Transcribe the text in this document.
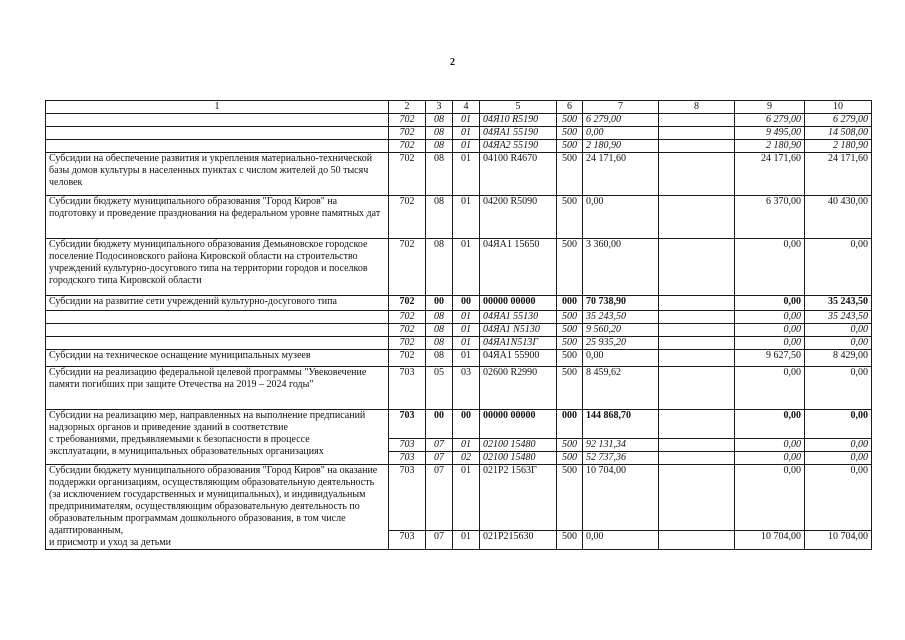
2
1	2	3	4	5	6	7	8	9	10
	702	08	01	04Я10 R5190	500	6 279,00		6 279,00	6 279,00
	702	08	01	04ЯА1 55190	500	0,00		9 495,00	14 508,00
	702	08	01	04ЯА2 55190	500	2 180,90		2 180,90	2 180,90
Субсидии на обеспечение развития и укрепления материально-технической базы домов культуры в населенных пунктах с числом жителей до 50 тысяч человек	702	08	01	04100 R4670	500	24 171,60		24 171,60	24 171,60
Субсидии бюджету муниципального образования "Город Киров" на подготовку и проведение празднования на федеральном уровне памятных дат	702	08	01	04200 R5090	500	0,00		6 370,00	40 430,00
Субсидии бюджету муниципального образования Демьяновское городское поселение Подосиновского района Кировской области на строительство учреждений культурно-досугового типа на территории городов и поселков городского типа Кировской области	702	08	01	04ЯА1 15650	500	3 360,00		0,00	0,00
Субсидии на развитие сети учреждений культурно-досугового типа	702	00	00	00000 00000	000	70 738,90		0,00	35 243,50
	702	08	01	04ЯА1 55130	500	35 243,50		0,00	35 243,50
	702	08	01	04ЯА1 N5130	500	9 560,20		0,00	0,00
	702	08	01	04ЯА1N513Г	500	25 935,20		0,00	0,00
Субсидии на техническое оснащение муниципальных музеев	702	08	01	04ЯА1 55900	500	0,00		9 627,50	8 429,00
Субсидии на реализацию федеральной целевой программы "Увековечение памяти погибших при защите Отечества на 2019 – 2024 годы"	703	05	03	02600 R2990	500	8 459,62		0,00	0,00

Субсидии на реализацию мер, направленных на выполнение предписаний надзорных органов и приведение зданий в соответствие
с требованиями, предъявляемыми к безопасности в процессе
эксплуатации, в муниципальных образовательных организациях	703	00	00	00000 00000	000	144 868,70		0,00	0,00
	703	07	01	02100 15480	500	92 131,34		0,00	0,00
	703	07	02	02100 15480	500	52 737,36		0,00	0,00

Субсидии бюджету муниципального образования "Город Киров" на оказание поддержки организациям, осуществляющим образовательную деятельность (за исключением государственных и муниципальных), и индивидуальным предпринимателям, осуществляющим образовательную деятельность по образовательным программам дошкольного образования, в том числе адаптированным,
и присмотр и уход за детьми	703	07	01	021P2 1563Г	500	10 704,00		0,00	0,00
	703	07	01	021P215630	500	0,00		10 704,00	10 704,00
